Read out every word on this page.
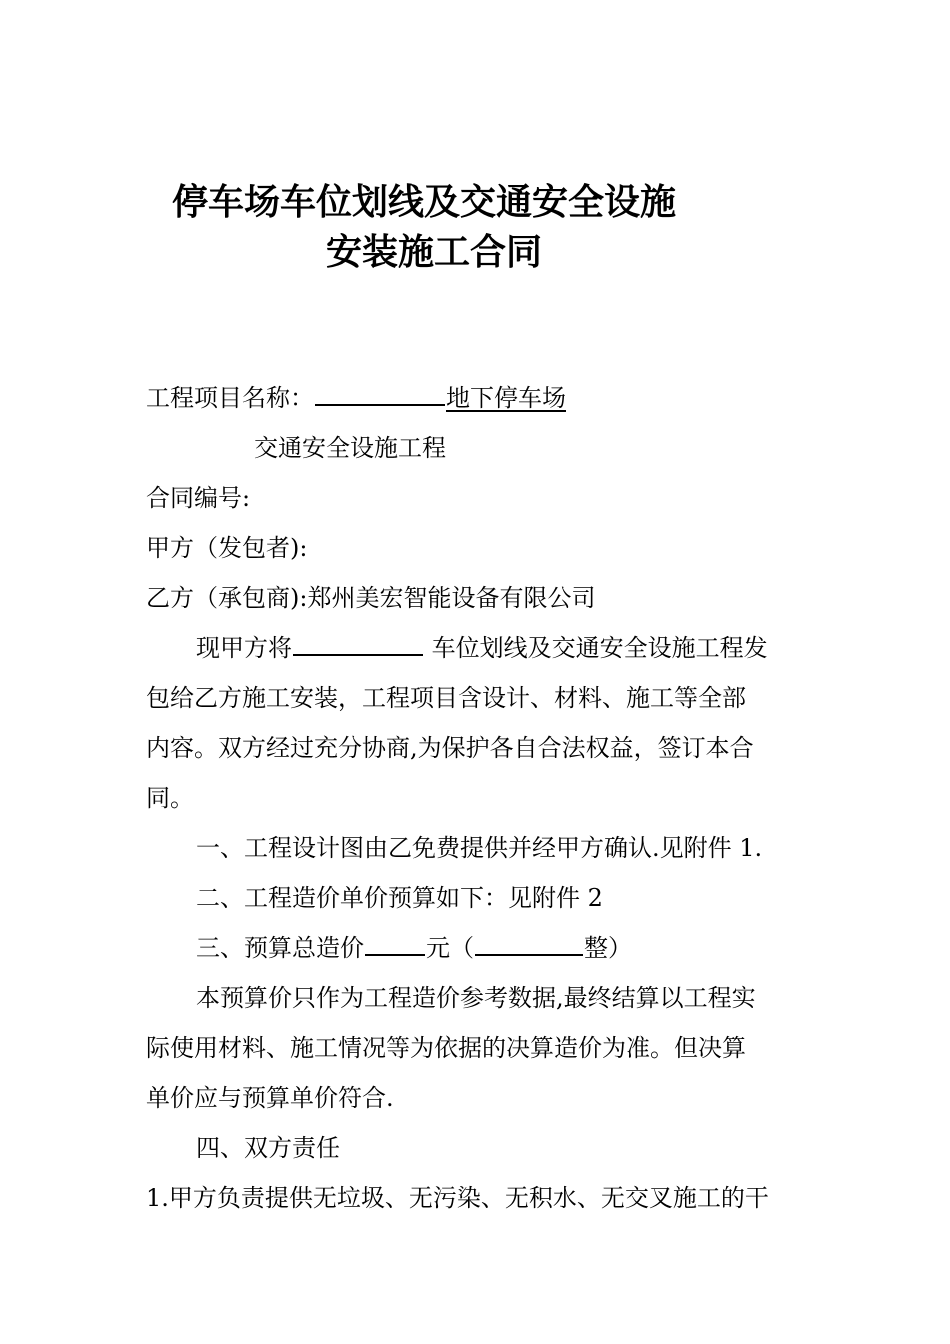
停车场车位划线及交通安全设施
安装施工合同
工程项目名称：	地下停车场
交通安全设施工程
合同编号:
甲方（发包者):
乙方（承包商):郑州美宏智能设备有限公司
现甲方将	车位划线及交通安全设施工程发
包给乙方施工安装，工程项目含设计、材料、施工等全部
内容。双方经过充分协商,为保护各自合法权益，签订本合
同。
一、工程设计图由乙免费提供并经甲方确认.见附件 1.
二、工程造价单价预算如下：见附件 2
三、预算总造价	元（	整）
本预算价只作为工程造价参考数据,最终结算以工程实
际使用材料、施工情况等为依据的决算造价为准。但决算
单价应与预算单价符合.
四、双方责任
1.甲方负责提供无垃圾、无污染、无积水、无交叉施工的干
